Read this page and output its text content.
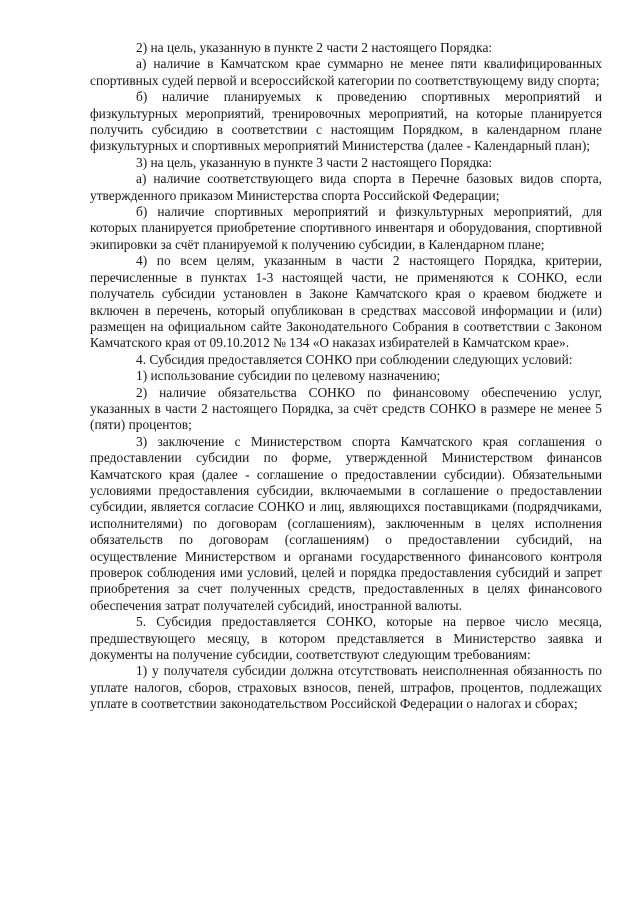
2) на цель, указанную в пункте 2 части 2 настоящего Порядка:

а) наличие в Камчатском крае суммарно не менее пяти квалифицированных спортивных судей первой и всероссийской категории по соответствующему виду спорта;

б) наличие планируемых к проведению спортивных мероприятий и физкультурных мероприятий, тренировочных мероприятий, на которые планируется получить субсидию в соответствии с настоящим Порядком, в календарном плане физкультурных и спортивных мероприятий Министерства (далее - Календарный план);

3) на цель, указанную в пункте 3 части 2 настоящего Порядка:

а) наличие соответствующего вида спорта в Перечне базовых видов спорта, утвержденного приказом Министерства спорта Российской Федерации;

б) наличие спортивных мероприятий и физкультурных мероприятий, для которых планируется приобретение спортивного инвентаря и оборудования, спортивной экипировки за счёт планируемой к получению субсидии, в Календарном плане;

4) по всем целям, указанным в части 2 настоящего Порядка, критерии, перечисленные в пунктах 1-3 настоящей части, не применяются к СОНКО, если получатель субсидии установлен в Законе Камчатского края о краевом бюджете и включен в перечень, который опубликован в средствах массовой информации и (или) размещен на официальном сайте Законодательного Собрания в соответствии с Законом Камчатского края от 09.10.2012 № 134 «О наказах избирателей в Камчатском крае».

4. Субсидия предоставляется СОНКО при соблюдении следующих условий:

1) использование субсидии по целевому назначению;

2) наличие обязательства СОНКО по финансовому обеспечению услуг, указанных в части 2 настоящего Порядка, за счёт средств СОНКО в размере не менее 5 (пяти) процентов;

3) заключение с Министерством спорта Камчатского края соглашения о предоставлении субсидии по форме, утвержденной Министерством финансов Камчатского края (далее - соглашение о предоставлении субсидии). Обязательными условиями предоставления субсидии, включаемыми в соглашение о предоставлении субсидии, является согласие СОНКО и лиц, являющихся поставщиками (подрядчиками, исполнителями) по договорам (соглашениям), заключенным в целях исполнения обязательств по договорам (соглашениям) о предоставлении субсидий, на осуществление Министерством и органами государственного финансового контроля проверок соблюдения ими условий, целей и порядка предоставления субсидий и запрет приобретения за счет полученных средств, предоставленных в целях финансового обеспечения затрат получателей субсидий, иностранной валюты.

5. Субсидия предоставляется СОНКО, которые на первое число месяца, предшествующего месяцу, в котором представляется в Министерство заявка и документы на получение субсидии, соответствуют следующим требованиям:

1) у получателя субсидии должна отсутствовать неисполненная обязанность по уплате налогов, сборов, страховых взносов, пеней, штрафов, процентов, подлежащих уплате в соответствии законодательством Российской Федерации о налогах и сборах;
